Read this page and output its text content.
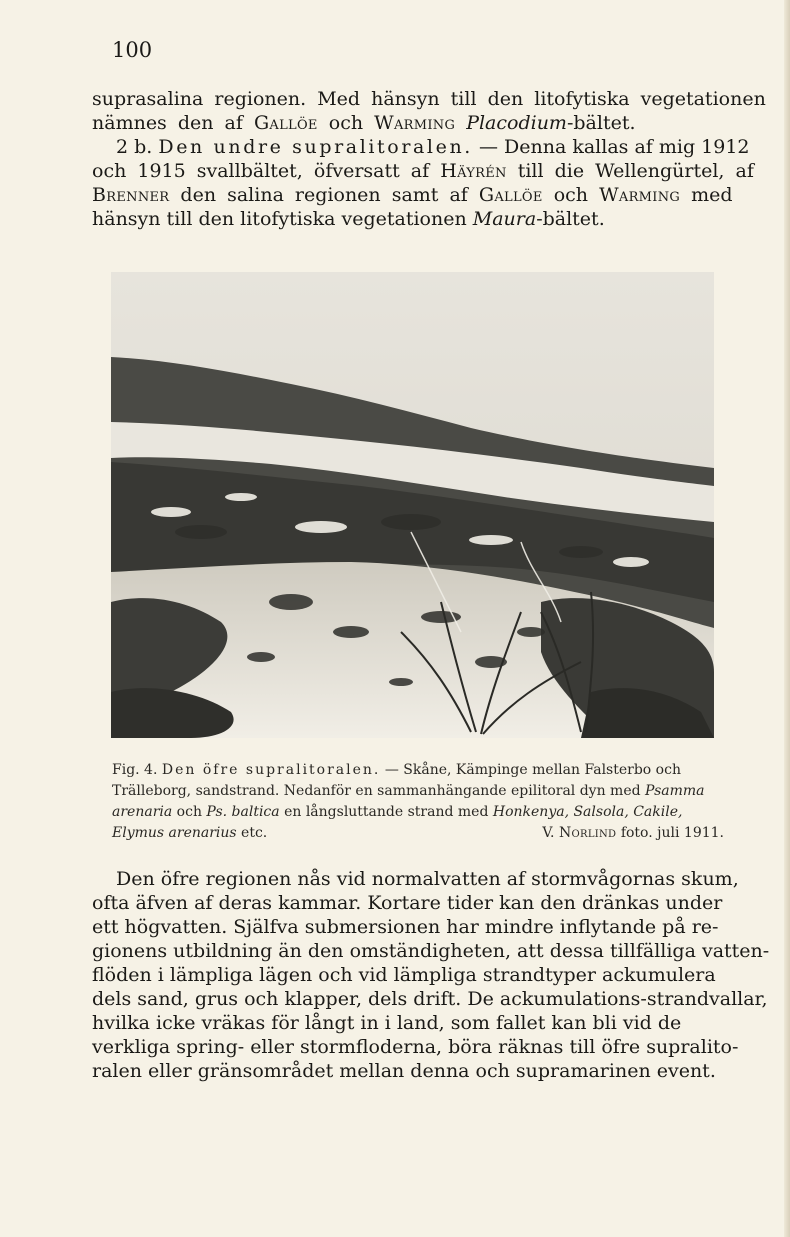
100

suprasalina regionen. Med hänsyn till den litofytiska vegetationen
nämnes den af Gallöe och Warming Placodium-bältet.
2 b. Den undre supralitoralen. — Denna kallas af mig 1912
och 1915 svallbältet, öfversatt af Häyrén till die Wellengürtel, af
Brenner den salina regionen samt af Gallöe och Warming med
hänsyn till den litofytiska vegetationen Maura-bältet.

Fig. 4. Den öfre supralitoralen. — Skåne, Kämpinge mellan Falsterbo och
Trälleborg, sandstrand. Nedanför en sammanhängande epilitoral dyn med Psamma
arenaria och Ps. baltica en långsluttande strand med Honkenya, Salsola, Cakile,
Elymus arenarius etc.	V. Norlind foto. juli 1911.

Den öfre regionen nås vid normalvatten af stormvågornas skum,
ofta äfven af deras kammar. Kortare tider kan den dränkas under
ett högvatten. Själfva submersionen har mindre inflytande på re-
gionens utbildning än den omständigheten, att dessa tillfälliga vatten-
flöden i lämpliga lägen och vid lämpliga strandtyper ackumulera
dels sand, grus och klapper, dels drift. De ackumulations-strandvallar,
hvilka icke vräkas för långt in i land, som fallet kan bli vid de
verkliga spring- eller stormfloderna, böra räknas till öfre supralito-
ralen eller gränsområdet mellan denna och supramarinen event.
